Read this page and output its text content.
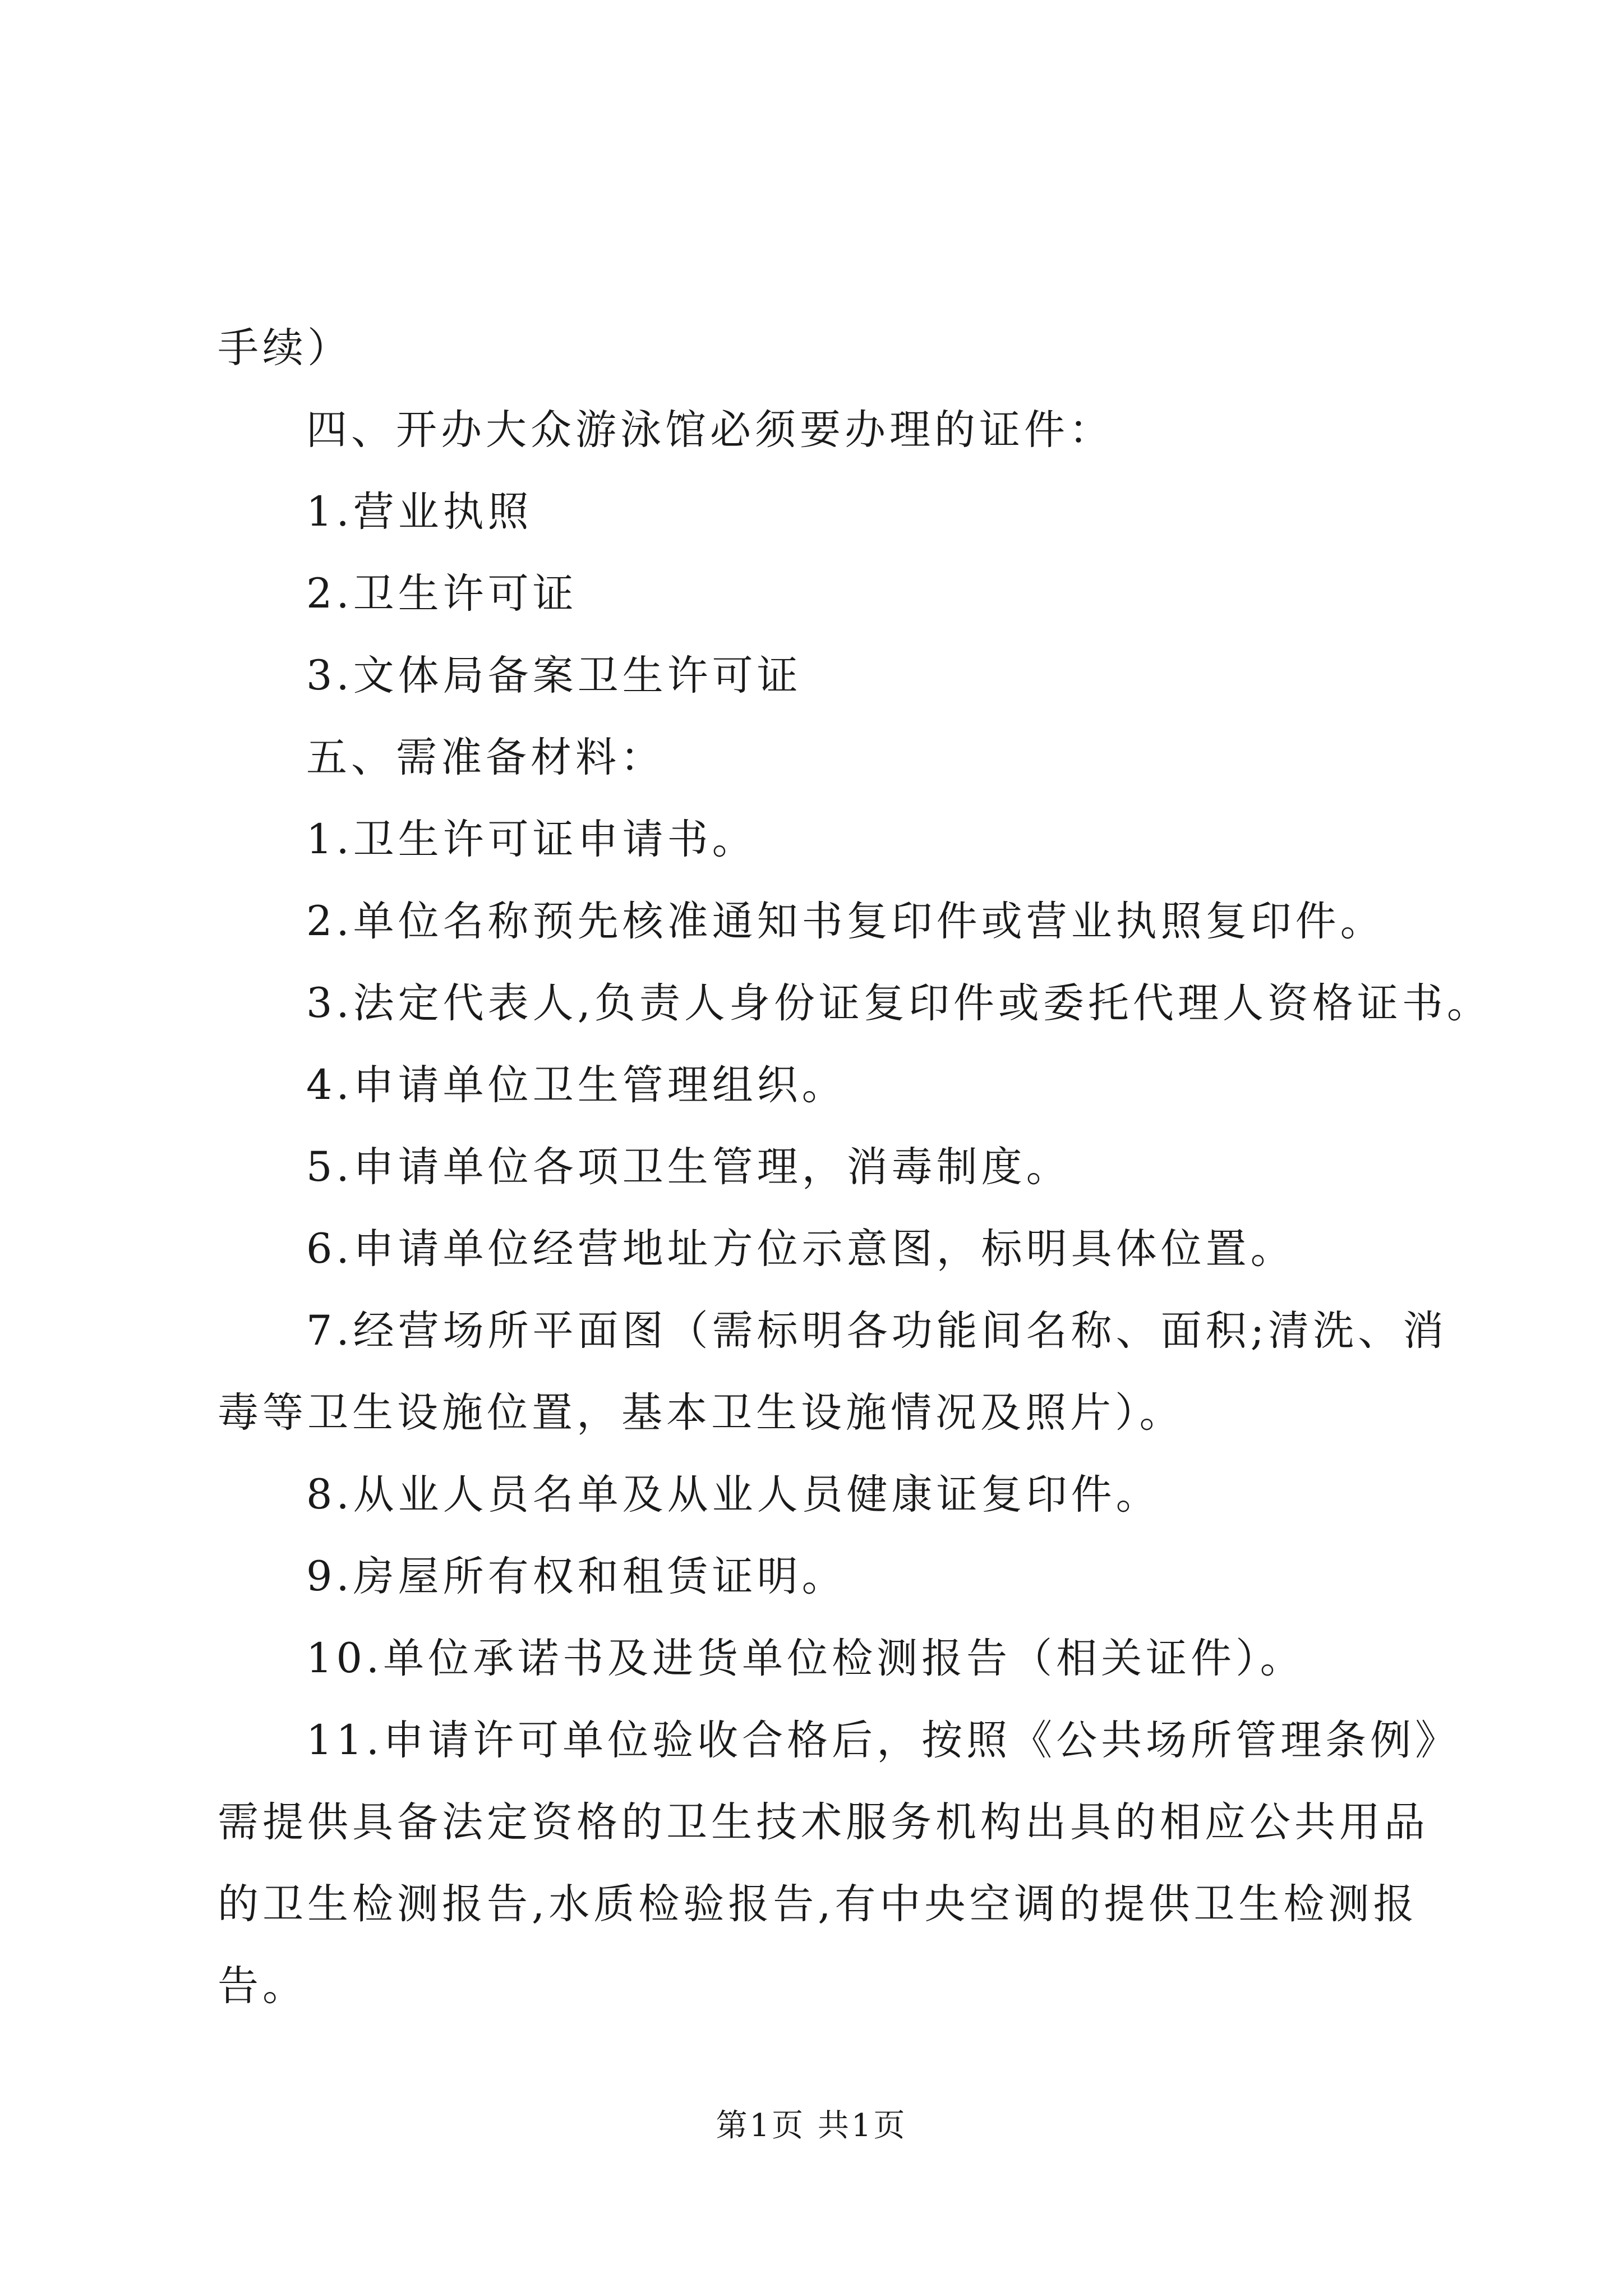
手续）
四、开办大众游泳馆必须要办理的证件：
1.营业执照
2.卫生许可证
3.文体局备案卫生许可证
五、需准备材料：
1.卫生许可证申请书。
2.单位名称预先核准通知书复印件或营业执照复印件。
3.法定代表人,负责人身份证复印件或委托代理人资格证书。
4.申请单位卫生管理组织。
5.申请单位各项卫生管理，消毒制度。
6.申请单位经营地址方位示意图，标明具体位置。
7.经营场所平面图（需标明各功能间名称、面积;清洗、消
毒等卫生设施位置，基本卫生设施情况及照片）。
8.从业人员名单及从业人员健康证复印件。
9.房屋所有权和租赁证明。
10.单位承诺书及进货单位检测报告（相关证件）。
11.申请许可单位验收合格后，按照《公共场所管理条例》
需提供具备法定资格的卫生技术服务机构出具的相应公共用品
的卫生检测报告,水质检验报告,有中央空调的提供卫生检测报
告。
第1页 共1页
